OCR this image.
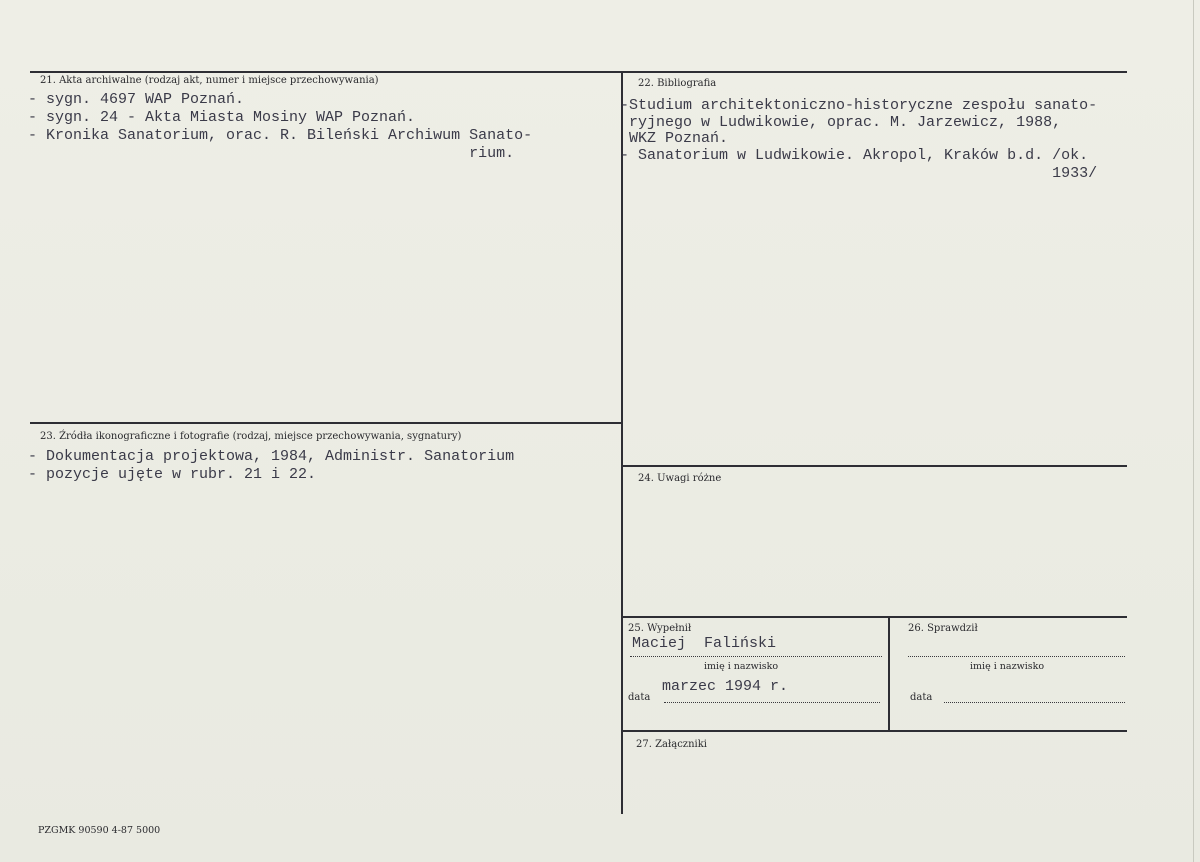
21. Akta archiwalne (rodzaj akt, numer i miejsce przechowywania)
- sygn. 4697 WAP Poznań.
- sygn. 24 - Akta Miasta Mosiny WAP Poznań.
- Kronika Sanatorium, orac. R. Bileński Archiwum Sanato-
rium.
22. Bibliografia
-Studium architektoniczno-historyczne zespołu sanato-
ryjnego w Ludwikowie, oprac. M. Jarzewicz, 1988,
WKZ Poznań.
- Sanatorium w Ludwikowie. Akropol, Kraków b.d. /ok.
1933/
23. Źródła ikonograficzne i fotografie (rodzaj, miejsce przechowywania, sygnatury)
- Dokumentacja projektowa, 1984, Administr. Sanatorium
- pozycje ujęte w rubr. 21 i 22.	24. Uwagi różne
25. Wypełnił
Maciej  Faliński
imię i nazwisko
marzec 1994 r.
data
26. Sprawdził
imię i nazwisko
data
27. Załączniki
PZGMK 90590 4-87 5000
